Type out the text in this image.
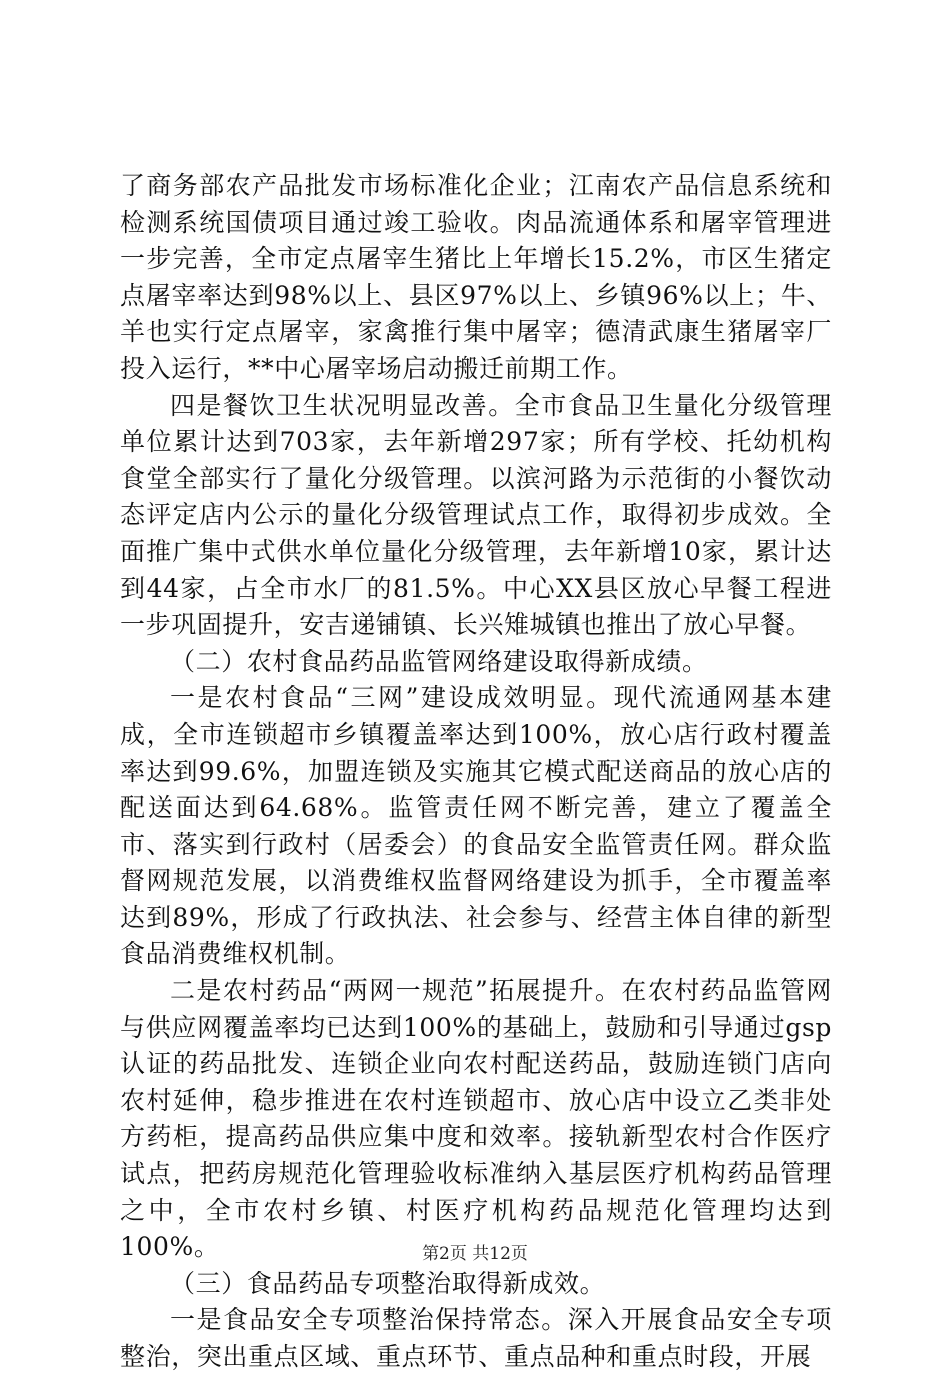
了商务部农产品批发市场标准化企业；江南农产品信息系统和检测系统国债项目通过竣工验收。肉品流通体系和屠宰管理进一步完善，全市定点屠宰生猪比上年增长15.2%，市区生猪定点屠宰率达到98%以上、县区97%以上、乡镇96%以上；牛、羊也实行定点屠宰，家禽推行集中屠宰；德清武康生猪屠宰厂投入运行，**中心屠宰场启动搬迁前期工作。

四是餐饮卫生状况明显改善。全市食品卫生量化分级管理单位累计达到703家，去年新增297家；所有学校、托幼机构食堂全部实行了量化分级管理。以滨河路为示范街的小餐饮动态评定店内公示的量化分级管理试点工作，取得初步成效。全面推广集中式供水单位量化分级管理，去年新增10家，累计达到44家，占全市水厂的81.5%。中心XX县区放心早餐工程进一步巩固提升，安吉递铺镇、长兴雉城镇也推出了放心早餐。

（二）农村食品药品监管网络建设取得新成绩。

一是农村食品“三网”建设成效明显。现代流通网基本建成，全市连锁超市乡镇覆盖率达到100%，放心店行政村覆盖率达到99.6%，加盟连锁及实施其它模式配送商品的放心店的配送面达到64.68%。监管责任网不断完善，建立了覆盖全市、落实到行政村（居委会）的食品安全监管责任网。群众监督网规范发展，以消费维权监督网络建设为抓手，全市覆盖率达到89%，形成了行政执法、社会参与、经营主体自律的新型食品消费维权机制。

二是农村药品“两网一规范”拓展提升。在农村药品监管网与供应网覆盖率均已达到100%的基础上，鼓励和引导通过gsp认证的药品批发、连锁企业向农村配送药品，鼓励连锁门店向农村延伸，稳步推进在农村连锁超市、放心店中设立乙类非处方药柜，提高药品供应集中度和效率。接轨新型农村合作医疗试点，把药房规范化管理验收标准纳入基层医疗机构药品管理之中，全市农村乡镇、村医疗机构药品规范化管理均达到100%。

（三）食品药品专项整治取得新成效。

一是食品安全专项整治保持常态。深入开展食品安全专项整治，突出重点区域、重点环节、重点品种和重点时段，开展

第2页 共12页
